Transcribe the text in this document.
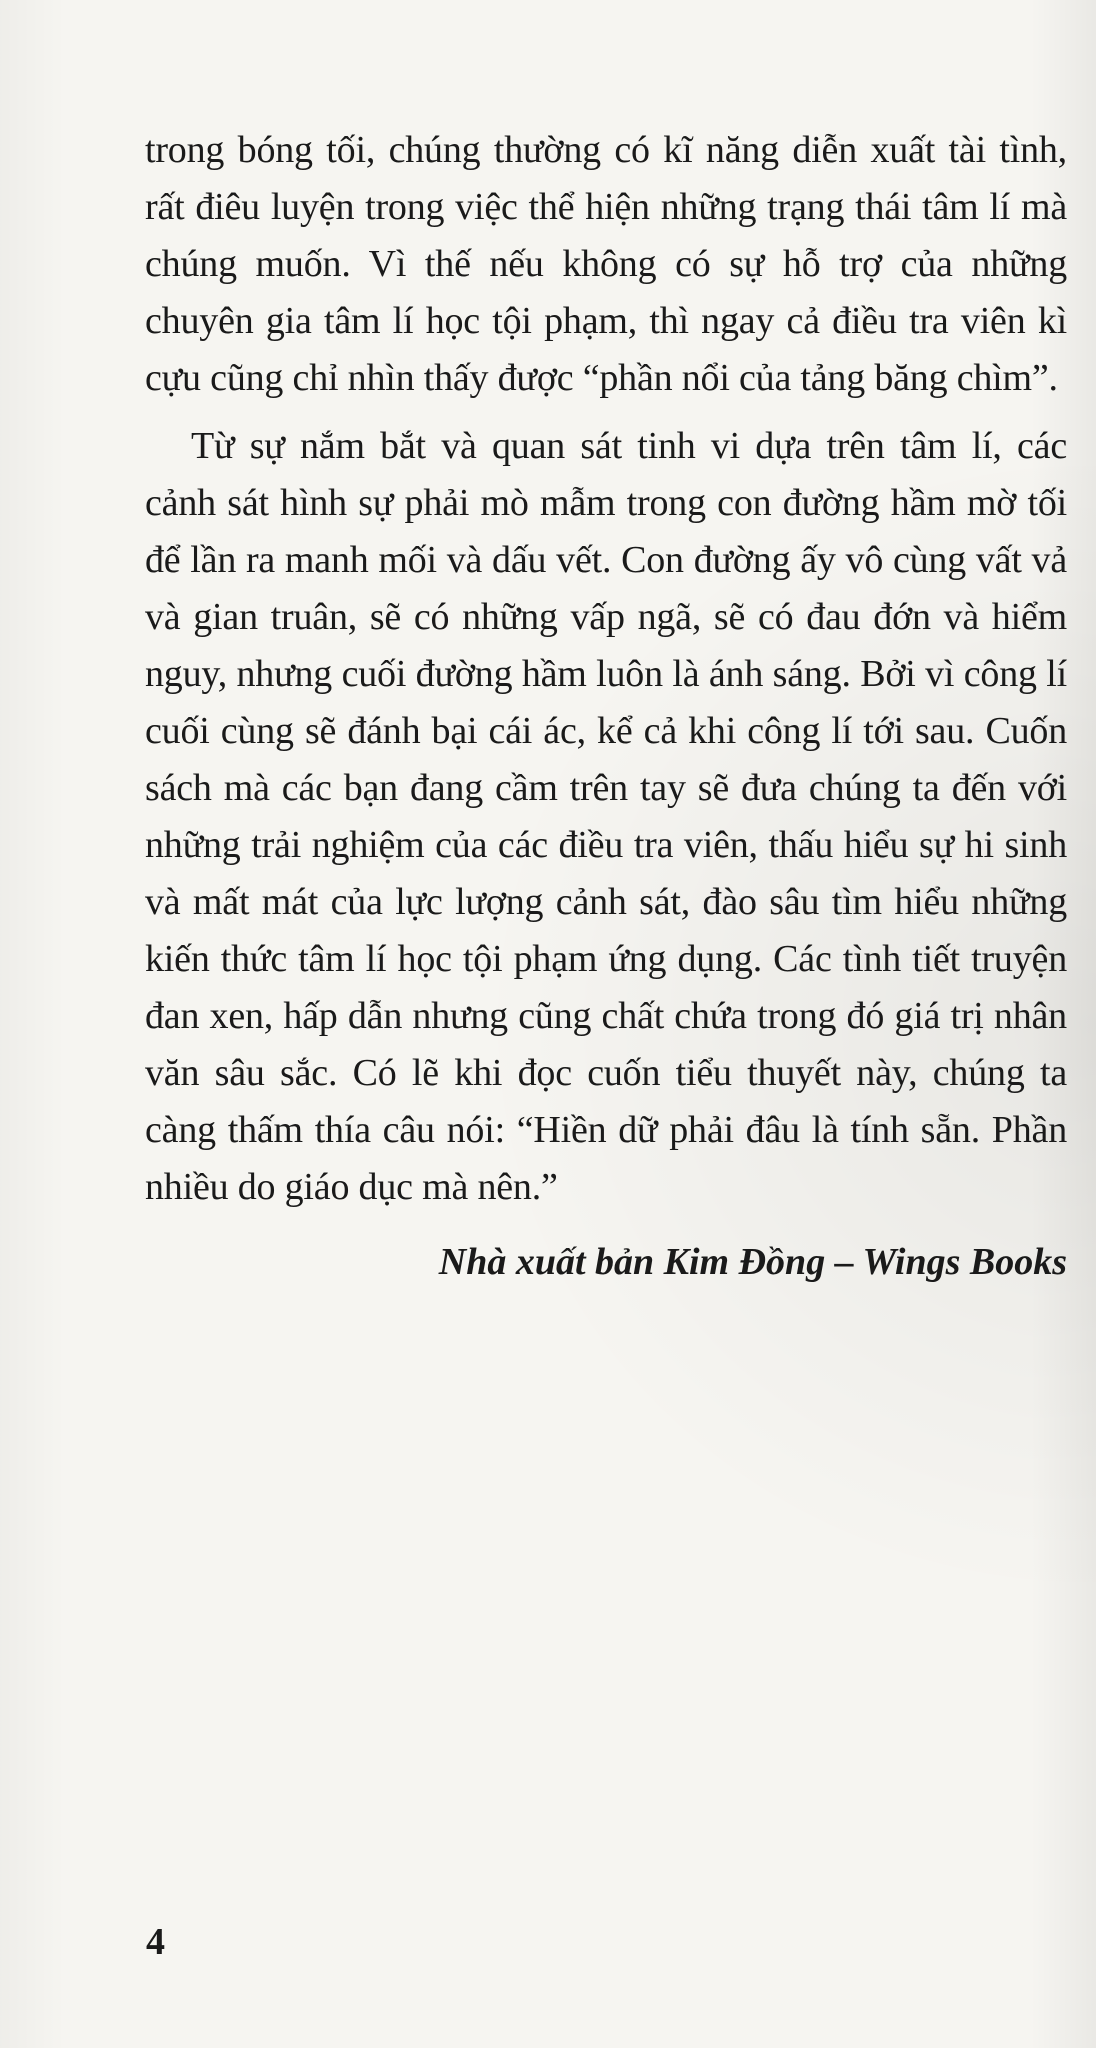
trong bóng tối, chúng thường có kĩ năng diễn xuất tài tình, rất điêu luyện trong việc thể hiện những trạng thái tâm lí mà chúng muốn. Vì thế nếu không có sự hỗ trợ của những chuyên gia tâm lí học tội phạm, thì ngay cả điều tra viên kì cựu cũng chỉ nhìn thấy được “phần nổi của tảng băng chìm”.

Từ sự nắm bắt và quan sát tinh vi dựa trên tâm lí, các cảnh sát hình sự phải mò mẫm trong con đường hầm mờ tối để lần ra manh mối và dấu vết. Con đường ấy vô cùng vất vả và gian truân, sẽ có những vấp ngã, sẽ có đau đớn và hiểm nguy, nhưng cuối đường hầm luôn là ánh sáng. Bởi vì công lí cuối cùng sẽ đánh bại cái ác, kể cả khi công lí tới sau. Cuốn sách mà các bạn đang cầm trên tay sẽ đưa chúng ta đến với những trải nghiệm của các điều tra viên, thấu hiểu sự hi sinh và mất mát của lực lượng cảnh sát, đào sâu tìm hiểu những kiến thức tâm lí học tội phạm ứng dụng. Các tình tiết truyện đan xen, hấp dẫn nhưng cũng chất chứa trong đó giá trị nhân văn sâu sắc. Có lẽ khi đọc cuốn tiểu thuyết này, chúng ta càng thấm thía câu nói: “Hiền dữ phải đâu là tính sẵn. Phần nhiều do giáo dục mà nên.”

Nhà xuất bản Kim Đồng – Wings Books

4
